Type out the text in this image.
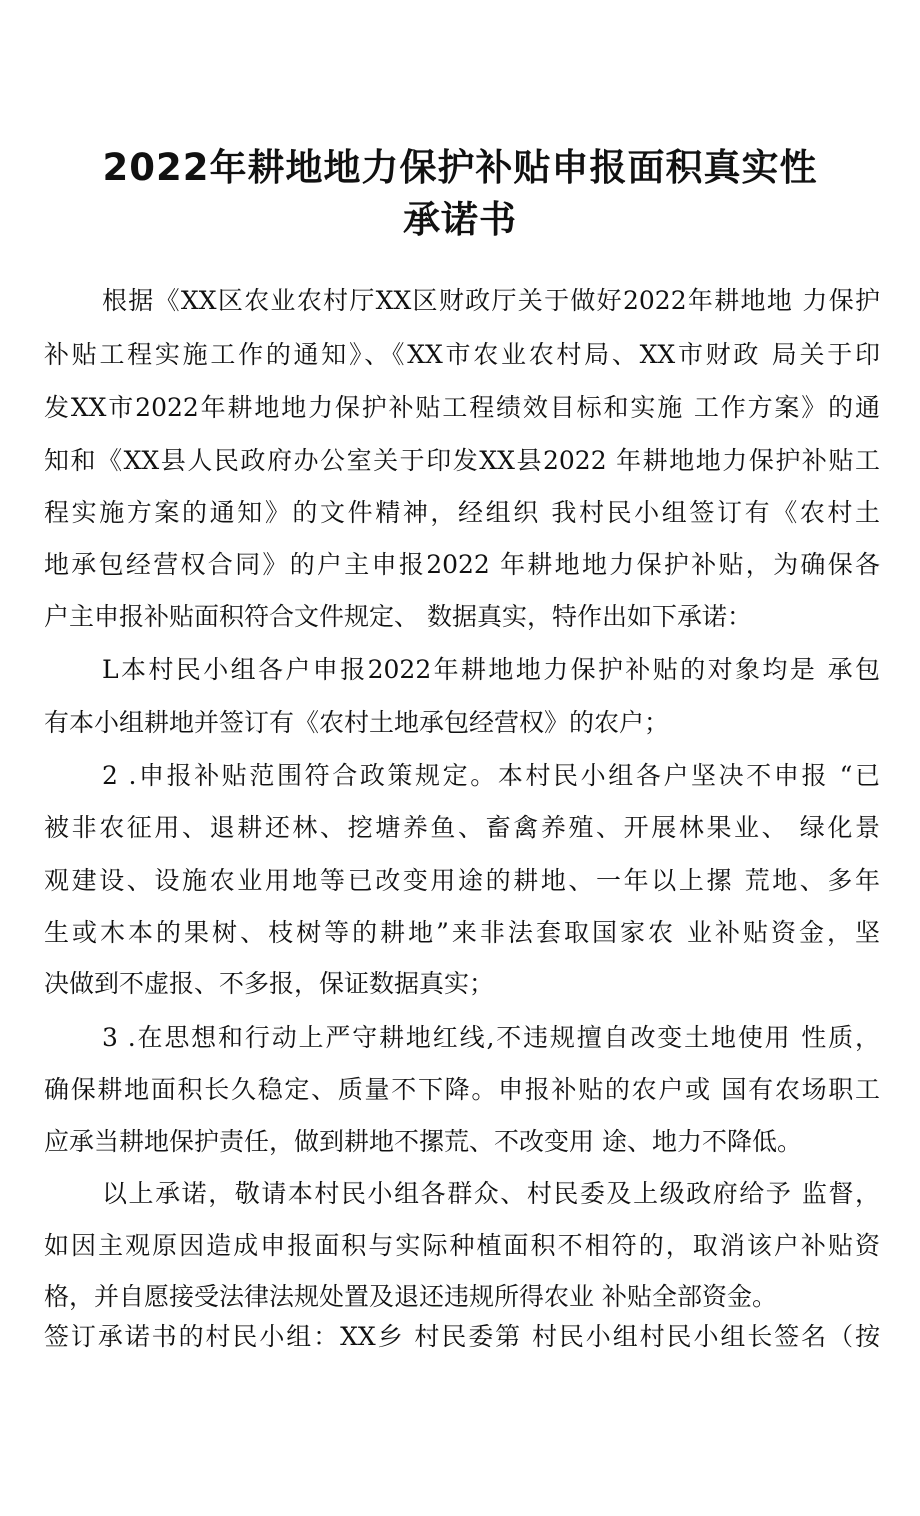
2022年耕地地力保护补贴申报面积真实性
承诺书
根据《XX区农业农村厅XX区财政厅关于做好2022年耕地地 力保护
补贴工程实施工作的通知》、《XX市农业农村局、XX市财政 局关于印
发XX市2022年耕地地力保护补贴工程绩效目标和实施 工作方案》的通
知和《XX县人民政府办公室关于印发XX县2022 年耕地地力保护补贴工
程实施方案的通知》的文件精神，经组织 我村民小组签订有《农村土
地承包经营权合同》的户主申报2022 年耕地地力保护补贴，为确保各
户主申报补贴面积符合文件规定、 数据真实，特作出如下承诺：
L本村民小组各户申报2022年耕地地力保护补贴的对象均是 承包
有本小组耕地并签订有《农村土地承包经营权》的农户；
2 .申报补贴范围符合政策规定。本村民小组各户坚决不申报 “已
被非农征用、退耕还林、挖塘养鱼、畜禽养殖、开展林果业、 绿化景
观建设、设施农业用地等已改变用途的耕地、一年以上摞 荒地、多年
生或木本的果树、枝树等的耕地”来非法套取国家农 业补贴资金，坚
决做到不虚报、不多报，保证数据真实；
3 .在思想和行动上严守耕地红线,不违规擅自改变土地使用 性质，
确保耕地面积长久稳定、质量不下降。申报补贴的农户或 国有农场职工
应承当耕地保护责任，做到耕地不摞荒、不改变用 途、地力不降低。
以上承诺，敬请本村民小组各群众、村民委及上级政府给予 监督，
如因主观原因造成申报面积与实际种植面积不相符的，取消该户补贴资
格，并自愿接受法律法规处置及退还违规所得农业 补贴全部资金。
签订承诺书的村民小组：XX乡 村民委第 村民小组村民小组长签名（按
